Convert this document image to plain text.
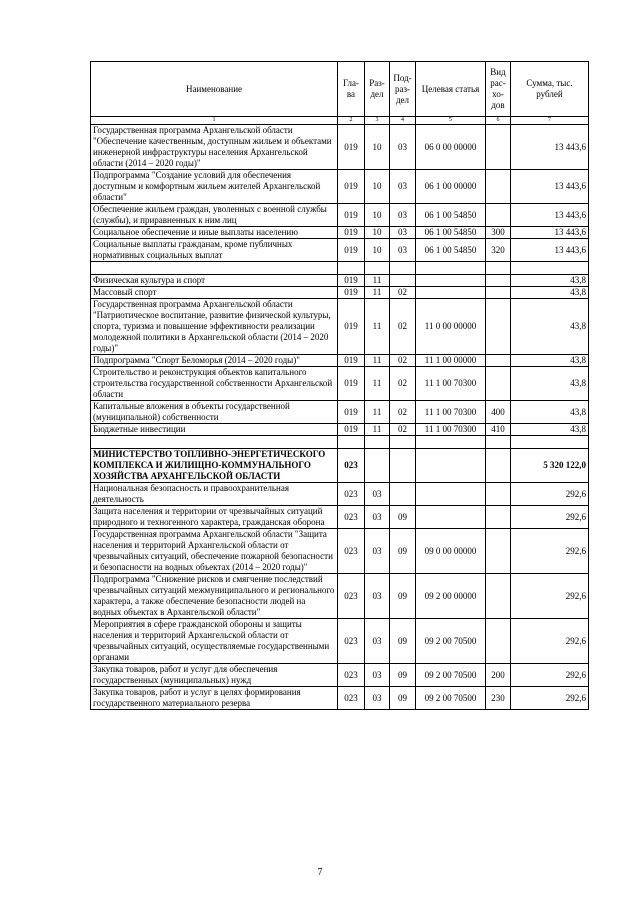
Наименование	Гла-ва	Раз-дел	Под-раз-дел	Целевая статья	Вид рас-хо-дов	Сумма, тыс. рублей
1	2	3	4	5	6	7
Государственная программа Архангельской области "Обеспечение качественным, доступным жильем и объектами инженерной инфраструктуры населения Архангельской области (2014 – 2020 годы)"	019	10	03	06 0 00 00000		13 443,6
Подпрограмма "Создание условий для обеспечения доступным и комфортным жильем жителей Архангельской области"	019	10	03	06 1 00 00000		13 443,6
Обеспечение жильем граждан, уволенных с военной службы (службы), и приравненных к ним лиц	019	10	03	06 1 00 54850		13 443,6
Социальное обеспечение и иные выплаты населению	019	10	03	06 1 00 54850	300	13 443,6
Социальные выплаты гражданам, кроме публичных нормативных социальных выплат	019	10	03	06 1 00 54850	320	13 443,6

Физическая культура и спорт	019	11				43,8
Массовый спорт	019	11	02			43,8
Государственная программа Архангельской области "Патриотическое воспитание, развитие физической культуры, спорта, туризма и повышение эффективности реализации молодежной политики в Архангельской области (2014 – 2020 годы)"	019	11	02	11 0 00 00000		43,8
Подпрограмма "Спорт Беломорья (2014 – 2020 годы)"	019	11	02	11 1 00 00000		43,8
Строительство и реконструкция объектов капитального строительства государственной собственности Архангельской области	019	11	02	11 1 00 70300		43,8
Капитальные вложения в объекты государственной (муниципальной) собственности	019	11	02	11 1 00 70300	400	43,8
Бюджетные инвестиции	019	11	02	11 1 00 70300	410	43,8

МИНИСТЕРСТВО ТОПЛИВНО-ЭНЕРГЕТИЧЕСКОГО КОМПЛЕКСА И ЖИЛИЩНО-КОММУНАЛЬНОГО ХОЗЯЙСТВА АРХАНГЕЛЬСКОЙ ОБЛАСТИ	023					5 320 122,0
Национальная безопасность и правоохранительная деятельность	023	03				292,6
Защита населения и территории от чрезвычайных ситуаций природного и техногенного характера, гражданская оборона	023	03	09			292,6
Государственная программа Архангельской области "Защита населения и территорий Архангельской области от чрезвычайных ситуаций, обеспечение пожарной безопасности и безопасности на водных объектах (2014 – 2020 годы)"	023	03	09	09 0 00 00000		292,6
Подпрограмма "Снижение рисков и смягчение последствий чрезвычайных ситуаций межмуниципального и регионального характера, а также обеспечение безопасности людей на водных объектах в Архангельской области"	023	03	09	09 2 00 00000		292,6
Мероприятия в сфере гражданской обороны и защиты населения и территорий Архангельской области от чрезвычайных ситуаций, осуществляемые государственными органами	023	03	09	09 2 00 70500		292,6
Закупка товаров, работ и услуг для обеспечения государственных (муниципальных) нужд	023	03	09	09 2 00 70500	200	292,6
Закупка товаров, работ и услуг в целях формирования государственного материального резерва	023	03	09	09 2 00 70500	230	292,6
7
